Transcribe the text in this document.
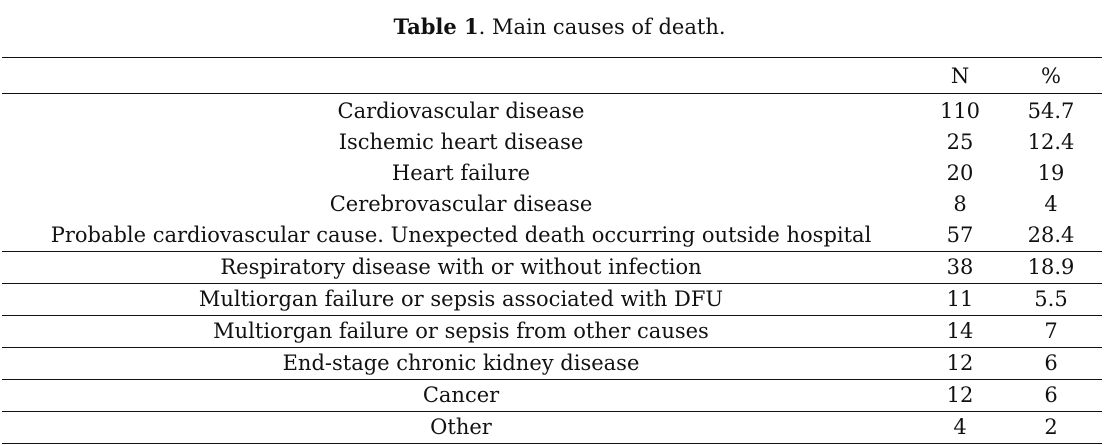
Table 1. Main causes of death.
	N	%
Cardiovascular disease	110	54.7
Ischemic heart disease	25	12.4
Heart failure	20	19
Cerebrovascular disease	8	4
Probable cardiovascular cause. Unexpected death occurring outside hospital	57	28.4
Respiratory disease with or without infection	38	18.9
Multiorgan failure or sepsis associated with DFU	11	5.5
Multiorgan failure or sepsis from other causes	14	7
End-stage chronic kidney disease	12	6
Cancer	12	6
Other	4	2
